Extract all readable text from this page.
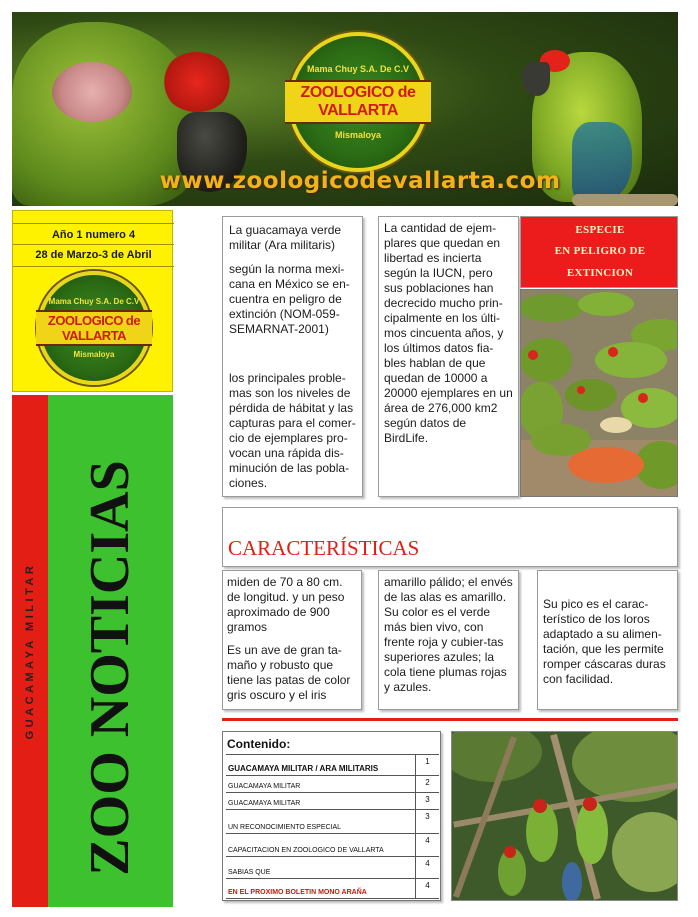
Mama Chuy S.A. De C.V
ZOOLOGICO de VALLARTA
Mismaloya
www.zoologicodevallarta.com
Año 1 numero 4
28 de Marzo-3 de Abril
Mama Chuy S.A. De C.V
ZOOLOGICO de VALLARTA
Mismaloya
GUACAMAYA MILITAR ZOO NOTICIAS

La guacamaya verde militar (Ara militaris)

según la norma mexi-cana en México se en-cuentra en peligro de extinción (NOM-059-SEMARNAT-2001)

los principales proble-mas son los niveles de pérdida de hábitat y las capturas para el comer-cio de ejemplares pro-vocan una rápida dis-minución de las pobla-ciones.

La cantidad de ejem-plares que quedan en libertad es incierta según la IUCN, pero sus poblaciones han decrecido mucho prin-cipalmente en los últi-mos cincuenta años, y los últimos datos fia-bles hablan de que quedan de 10000 a 20000 ejemplares en un área de 276,000 km2 según datos de BirdLife.

ESPECIE
EN PELIGRO DE
EXTINCION
CARACTERÍSTICAS

miden de 70 a 80 cm. de longitud. y un peso aproximado de 900 gramos

Es un ave de gran ta-maño y robusto que tiene las patas de color gris oscuro y el iris

amarillo pálido; el envés de las alas es amarillo. Su color es el verde más bien vivo, con frente roja y cubier-tas superiores azules; la cola tiene plumas rojas y azules.

Su pico es el carac-terístico de los loros adaptado a su alimen-tación, que les permite romper cáscaras duras con facilidad.

Contenido:
GUACAMAYA MILITAR / ARA MILITARIS
1
GUACAMAYA MILITAR	2
GUACAMAYA MILITAR	3
UN RECONOCIMIENTO ESPECIAL
3
CAPACITACION EN ZOOLOGICO DE VALLARTA
4
SABIAS QUE
4
EN EL PROXIMO BOLETIN MONO ARAÑA
4
